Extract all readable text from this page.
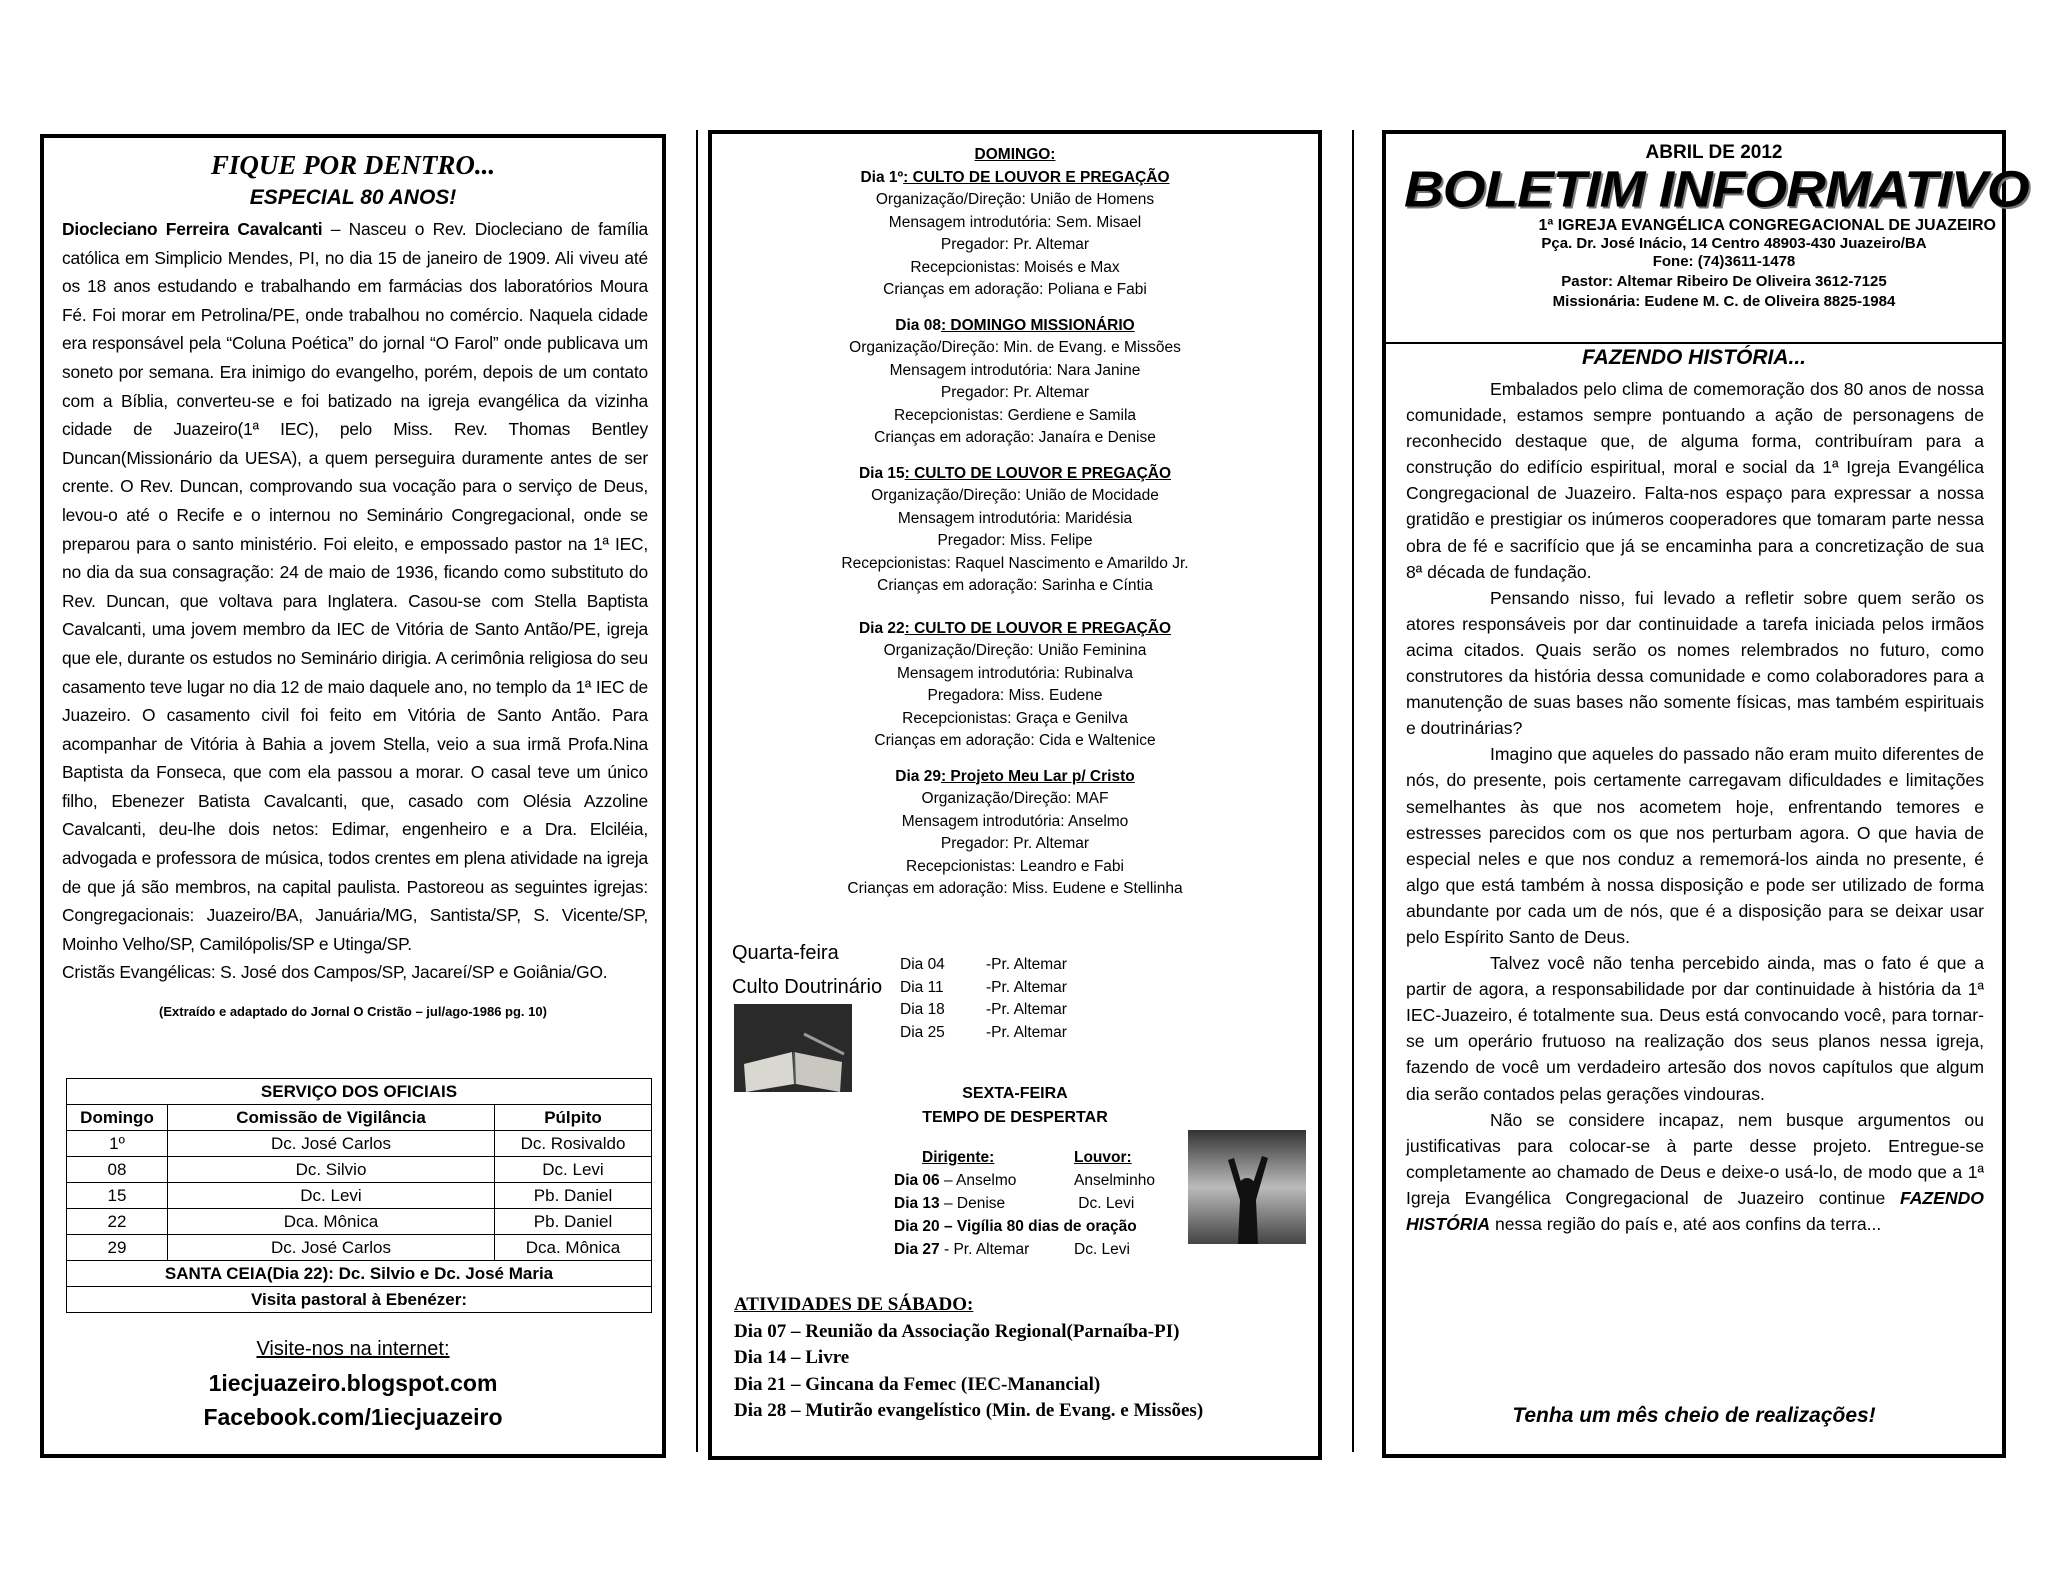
FIQUE POR DENTRO...
ESPECIAL 80 ANOS!
Diocleciano Ferreira Cavalcanti – Nasceu o Rev. Diocleciano de família católica em Simplicio Mendes, PI, no dia 15 de janeiro de 1909. Ali viveu até os 18 anos estudando e trabalhando em farmácias dos laboratórios Moura Fé. Foi morar em Petrolina/PE, onde trabalhou no comércio. Naquela cidade era responsável pela “Coluna Poética” do jornal “O Farol” onde publicava um soneto por semana. Era inimigo do evangelho, porém, depois de um contato com a Bíblia, converteu-se e foi batizado na igreja evangélica da vizinha cidade de Juazeiro(1ª IEC), pelo Miss. Rev. Thomas Bentley Duncan(Missionário da UESA), a quem perseguira duramente antes de ser crente. O Rev. Duncan, comprovando sua vocação para o serviço de Deus, levou-o até o Recife e o internou no Seminário Congregacional, onde se preparou para o santo ministério. Foi eleito, e empossado pastor na 1ª IEC, no dia da sua consagração: 24 de maio de 1936, ficando como substituto do Rev. Duncan, que voltava para Inglatera. Casou-se com Stella Baptista Cavalcanti, uma jovem membro da IEC de Vitória de Santo Antão/PE, igreja que ele, durante os estudos no Seminário dirigia. A cerimônia religiosa do seu casamento teve lugar no dia 12 de maio daquele ano, no templo da 1ª IEC de Juazeiro. O casamento civil foi feito em Vitória de Santo Antão. Para acompanhar de Vitória à Bahia a jovem Stella, veio a sua irmã Profa.Nina Baptista da Fonseca, que com ela passou a morar. O casal teve um único filho, Ebenezer Batista Cavalcanti, que, casado com Olésia Azzoline Cavalcanti, deu-lhe dois netos: Edimar, engenheiro e a Dra. Elciléia, advogada e professora de música, todos crentes em plena atividade na igreja de que já são membros, na capital paulista. Pastoreou as seguintes igrejas: Congregacionais: Juazeiro/BA, Januária/MG, Santista/SP, S. Vicente/SP, Moinho Velho/SP, Camilópolis/SP e Utinga/SP.
Cristãs Evangélicas: S. José dos Campos/SP, Jacareí/SP e Goiânia/GO.
(Extraído e adaptado do Jornal O Cristão – jul/ago-1986 pg. 10)
SERVIÇO DOS OFICIAIS		
Domingo	Comissão de Vigilância	Púlpito
1º	Dc. José Carlos	Dc. Rosivaldo
08	Dc. Silvio	Dc. Levi
15	Dc. Levi	Pb. Daniel
22	Dca. Mônica	Pb. Daniel
29	Dc. José Carlos	Dca. Mônica
SANTA CEIA(Dia 22): Dc. Silvio e Dc. José Maria		
Visita pastoral à Ebenézer:		
Visite-nos na internet:
1iecjuazeiro.blogspot.com
Facebook.com/1iecjuazeiro
DOMINGO:
Dia 1º: CULTO DE LOUVOR E PREGAÇÃO
Organização/Direção: União de Homens
Mensagem introdutória: Sem. Misael
Pregador: Pr. Altemar
Recepcionistas: Moisés e Max
Crianças em adoração: Poliana e Fabi
Dia 08: DOMINGO MISSIONÁRIO
Organização/Direção: Min. de Evang. e Missões
Mensagem introdutória: Nara Janine
Pregador: Pr. Altemar
Recepcionistas: Gerdiene e Samila
Crianças em adoração: Janaíra e Denise
Dia 15: CULTO DE LOUVOR E PREGAÇÃO
Organização/Direção: União de Mocidade
Mensagem introdutória: Maridésia
Pregador: Miss. Felipe
Recepcionistas: Raquel Nascimento e Amarildo Jr.
Crianças em adoração: Sarinha e Cíntia
Dia 22: CULTO DE LOUVOR E PREGAÇÃO
Organização/Direção: União Feminina
Mensagem introdutória: Rubinalva
Pregadora: Miss. Eudene
Recepcionistas: Graça e Genilva
Crianças em adoração: Cida e Waltenice
Dia 29: Projeto Meu Lar p/ Cristo
Organização/Direção: MAF
Mensagem introdutória: Anselmo
Pregador: Pr. Altemar
Recepcionistas: Leandro e Fabi
Crianças em adoração: Miss. Eudene e Stellinha
Quarta-feira
Culto Doutrinário
Dia 04	-Pr. Altemar
Dia 11	-Pr. Altemar
Dia 18	-Pr. Altemar
Dia 25	-Pr. Altemar
SEXTA-FEIRA
TEMPO DE DESPERTAR
Dirigente:	Louvor:
Dia 06 – Anselmo	Anselminho
Dia 13 – Denise	Dc. Levi
Dia 20 – Vigília 80 dias de oração
Dia 27 - Pr. Altemar	Dc. Levi
ATIVIDADES DE SÁBADO:
Dia 07 – Reunião da Associação Regional(Parnaíba-PI)
Dia 14 – Livre
Dia 21 – Gincana da Femec (IEC-Manancial)
Dia 28 – Mutirão evangelístico (Min. de Evang. e Missões)
ABRIL DE 2012
BOLETIM INFORMATIVO
1ª IGREJA EVANGÉLICA CONGREGACIONAL DE JUAZEIRO
Pça. Dr. José Inácio, 14 Centro 48903-430 Juazeiro/BA
Fone: (74)3611-1478
Pastor: Altemar Ribeiro De Oliveira 3612-7125
Missionária: Eudene M. C. de Oliveira 8825-1984
FAZENDO HISTÓRIA...

Embalados pelo clima de comemoração dos 80 anos de nossa comunidade, estamos sempre pontuando a ação de personagens de reconhecido destaque que, de alguma forma, contribuíram para a construção do edifício espiritual, moral e social da 1ª Igreja Evangélica Congregacional de Juazeiro. Falta-nos espaço para expressar a nossa gratidão e prestigiar os inúmeros cooperadores que tomaram parte nessa obra de fé e sacrifício que já se encaminha para a concretização de sua 8ª década de fundação.

Pensando nisso, fui levado a refletir sobre quem serão os atores responsáveis por dar continuidade a tarefa iniciada pelos irmãos acima citados. Quais serão os nomes relembrados no futuro, como construtores da história dessa comunidade e como colaboradores para a manutenção de suas bases não somente físicas, mas também espirituais e doutrinárias?

Imagino que aqueles do passado não eram muito diferentes de nós, do presente, pois certamente carregavam dificuldades e limitações semelhantes às que nos acometem hoje, enfrentando temores e estresses parecidos com os que nos perturbam agora. O que havia de especial neles e que nos conduz a rememorá-los ainda no presente, é algo que está também à nossa disposição e pode ser utilizado de forma abundante por cada um de nós, que é a disposição para se deixar usar pelo Espírito Santo de Deus.

Talvez você não tenha percebido ainda, mas o fato é que a partir de agora, a responsabilidade por dar continuidade à história da 1ª IEC-Juazeiro, é totalmente sua. Deus está convocando você, para tornar-se um operário frutuoso na realização dos seus planos nessa igreja, fazendo de você um verdadeiro artesão dos novos capítulos que algum dia serão contados pelas gerações vindouras.

Não se considere incapaz, nem busque argumentos ou justificativas para colocar-se à parte desse projeto. Entregue-se completamente ao chamado de Deus e deixe-o usá-lo, de modo que a 1ª Igreja Evangélica Congregacional de Juazeiro continue FAZENDO HISTÓRIA nessa região do país e, até aos confins da terra...

Tenha um mês cheio de realizações!
